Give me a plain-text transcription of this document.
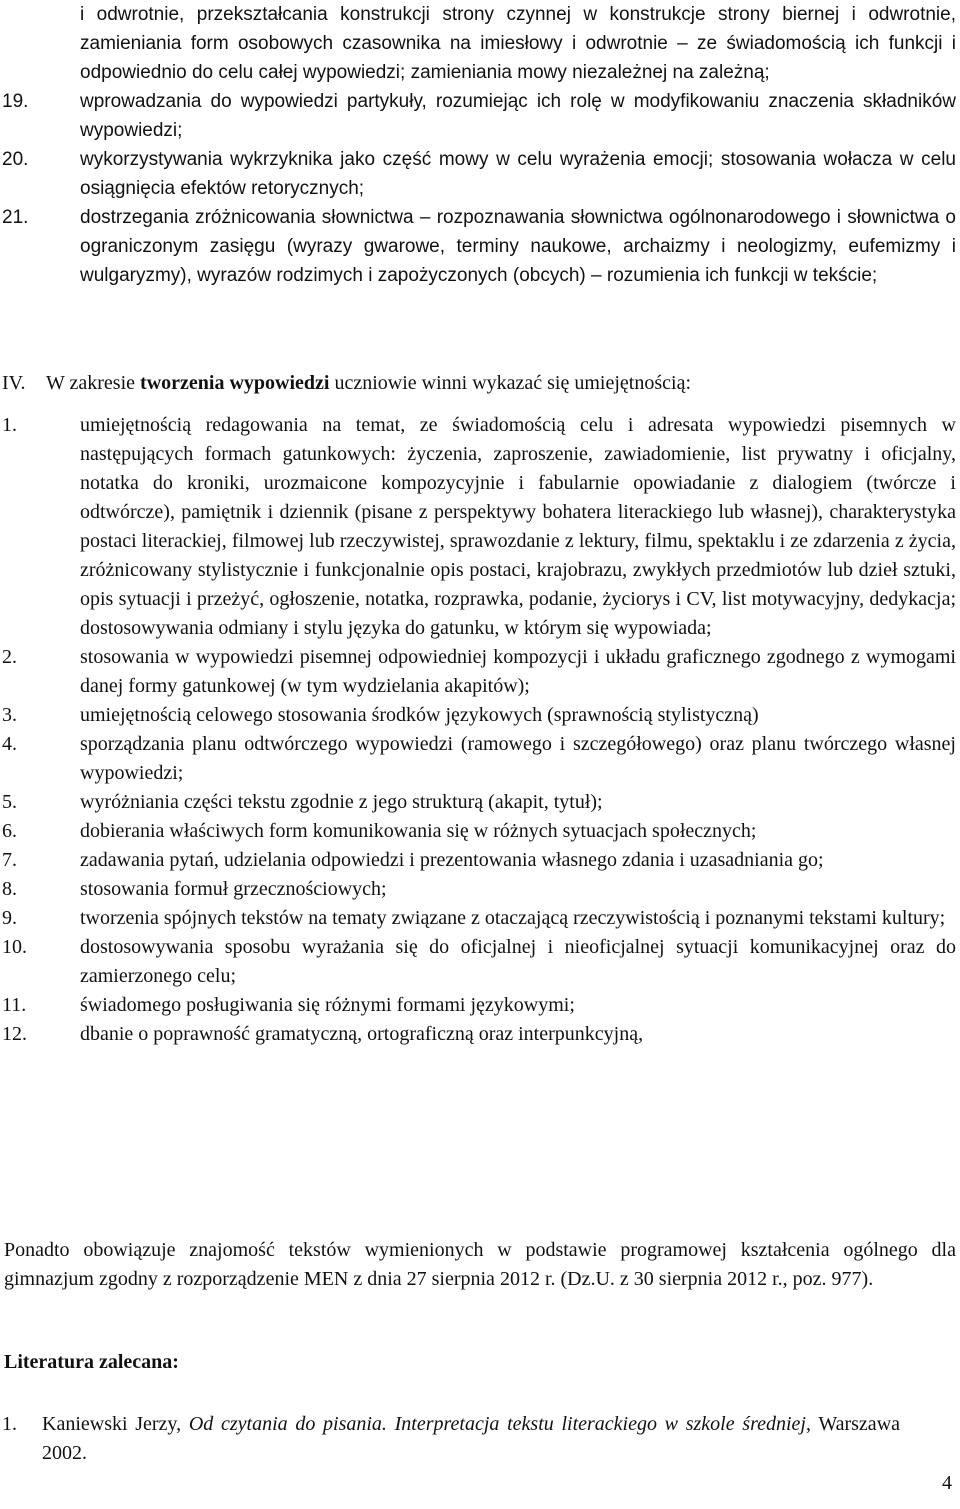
i odwrotnie, przekształcania konstrukcji strony czynnej w konstrukcje strony biernej i odwrotnie, zamieniania form osobowych czasownika na imiesłowy i odwrotnie – ze świadomością ich funkcji i odpowiednio do celu całej wypowiedzi; zamieniania mowy niezależnej na zależną;

19.	wprowadzania do wypowiedzi partykuły, rozumiejąc ich rolę w modyfikowaniu znaczenia składników wypowiedzi;
20.	wykorzystywania wykrzyknika jako część mowy w celu wyrażenia emocji; stosowania wołacza w celu osiągnięcia efektów retorycznych;
21.	dostrzegania zróżnicowania słownictwa – rozpoznawania słownictwa ogólnonarodowego i słownictwa o ograniczonym zasięgu (wyrazy gwarowe, terminy naukowe, archaizmy i neologizmy, eufemizmy i wulgaryzmy), wyrazów rodzimych i zapożyczonych (obcych) – rozumienia ich funkcji w tekście;
IV. W zakresie tworzenia wypowiedzi uczniowie winni wykazać się umiejętnością:
1.	umiejętnością redagowania na temat, ze świadomością celu i adresata wypowiedzi pisemnych w następujących formach gatunkowych: życzenia, zaproszenie, zawiadomienie, list prywatny i oficjalny, notatka do kroniki, urozmaicone kompozycyjnie i fabularnie opowiadanie z dialogiem (twórcze i odtwórcze), pamiętnik i dziennik (pisane z perspektywy bohatera literackiego lub własnej), charakterystyka postaci literackiej, filmowej lub rzeczywistej, sprawozdanie z lektury, filmu, spektaklu i ze zdarzenia z życia, zróżnicowany stylistycznie i funkcjonalnie opis postaci, krajobrazu, zwykłych przedmiotów lub dzieł sztuki, opis sytuacji i przeżyć, ogłoszenie, notatka, rozprawka, podanie, życiorys i CV, list motywacyjny, dedykacja; dostosowywania odmiany i stylu języka do gatunku, w którym się wypowiada;
2.	stosowania w wypowiedzi pisemnej odpowiedniej kompozycji i układu graficznego zgodnego z wymogami danej formy gatunkowej (w tym wydzielania akapitów);
3.	umiejętnością celowego stosowania środków językowych (sprawnością stylistyczną)
4.	sporządzania planu odtwórczego wypowiedzi (ramowego i szczegółowego) oraz planu twórczego własnej wypowiedzi;
5.	wyróżniania części tekstu zgodnie z jego strukturą (akapit, tytuł);
6.	dobierania właściwych form komunikowania się w różnych sytuacjach społecznych;
7.	zadawania pytań, udzielania odpowiedzi i prezentowania własnego zdania i uzasadniania go;
8.	stosowania formuł grzecznościowych;
9.	tworzenia spójnych tekstów na tematy związane z otaczającą rzeczywistością i poznanymi tekstami kultury;
10.	dostosowywania sposobu wyrażania się do oficjalnej i nieoficjalnej sytuacji komunikacyjnej oraz do zamierzonego celu;
11.	świadomego posługiwania się różnymi formami językowymi;
12.	dbanie o poprawność gramatyczną, ortograficzną oraz interpunkcyjną,

Ponadto obowiązuje znajomość tekstów wymienionych w podstawie programowej kształcenia ogólnego dla gimnazjum zgodny z rozporządzenie MEN z dnia 27 sierpnia 2012 r. (Dz.U. z 30 sierpnia 2012 r., poz. 977).

Literatura zalecana:

1. Kaniewski Jerzy, Od czytania do pisania. Interpretacja tekstu literackiego w szkole średniej, Warszawa 2002.
4
